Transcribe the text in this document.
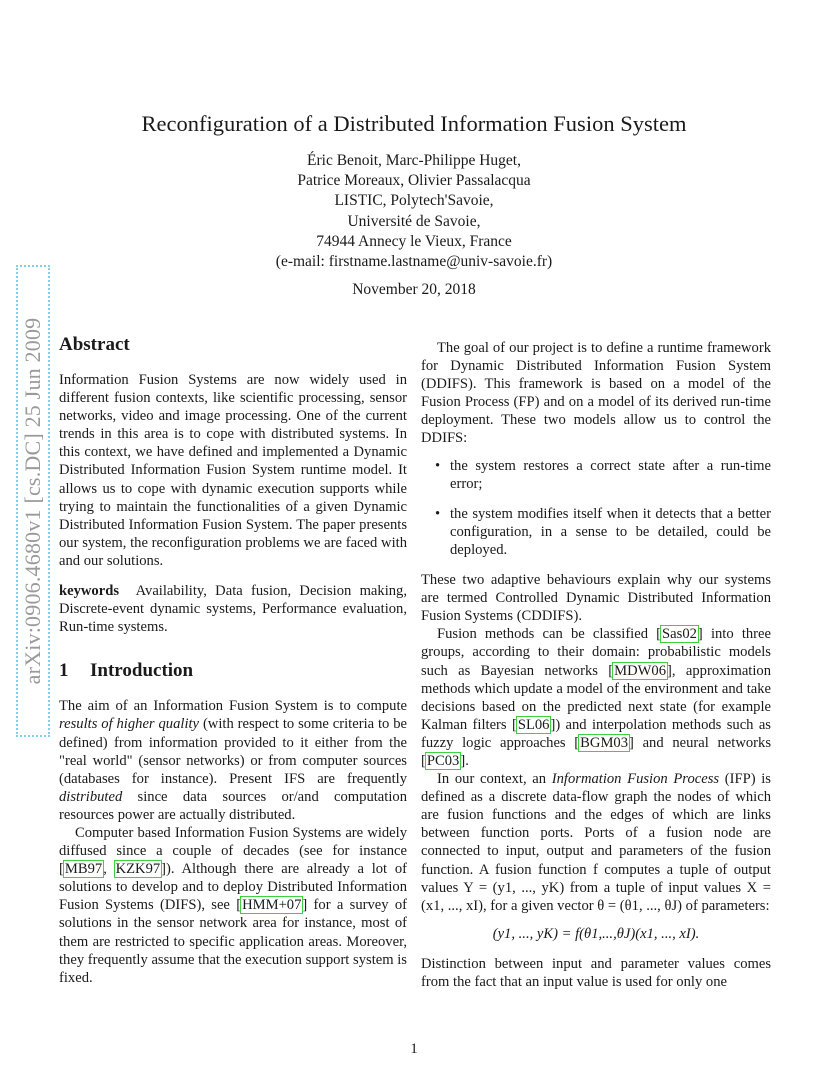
arXiv:0906.4680v1 [cs.DC] 25 Jun 2009
Reconfiguration of a Distributed Information Fusion System
Éric Benoit, Marc-Philippe Huget,
Patrice Moreaux, Olivier Passalacqua
LISTIC, Polytech'Savoie,
Université de Savoie,
74944 Annecy le Vieux, France
(e-mail: firstname.lastname@univ-savoie.fr)
November 20, 2018
Abstract

Information Fusion Systems are now widely used in different fusion contexts, like scientific processing, sensor networks, video and image processing. One of the current trends in this area is to cope with distributed systems. In this context, we have defined and implemented a Dynamic Distributed Information Fusion System runtime model. It allows us to cope with dynamic execution supports while trying to maintain the functionalities of a given Dynamic Distributed Information Fusion System. The paper presents our system, the reconfiguration problems we are faced with and our solutions.

keywords Availability, Data fusion, Decision making, Discrete-event dynamic systems, Performance evaluation, Run-time systems.

1 Introduction

The aim of an Information Fusion System is to compute results of higher quality (with respect to some criteria to be defined) from information provided to it either from the "real world" (sensor networks) or from computer sources (databases for instance). Present IFS are frequently distributed since data sources or/and computation resources power are actually distributed.

Computer based Information Fusion Systems are widely diffused since a couple of decades (see for instance [MB97, KZK97]). Although there are already a lot of solutions to develop and to deploy Distributed Information Fusion Systems (DIFS), see [HMM+07] for a survey of solutions in the sensor network area for instance, most of them are restricted to specific application areas. Moreover, they frequently assume that the execution support system is fixed.

The goal of our project is to define a runtime framework for Dynamic Distributed Information Fusion System (DDIFS). This framework is based on a model of the Fusion Process (FP) and on a model of its derived run-time deployment. These two models allow us to control the DDIFS:

• the system restores a correct state after a run-time error;
• the system modifies itself when it detects that a better configuration, in a sense to be detailed, could be deployed.

These two adaptive behaviours explain why our systems are termed Controlled Dynamic Distributed Information Fusion Systems (CDDIFS).

Fusion methods can be classified [Sas02] into three groups, according to their domain: probabilistic models such as Bayesian networks [MDW06], approximation methods which update a model of the environment and take decisions based on the predicted next state (for example Kalman filters [SL06]) and interpolation methods such as fuzzy logic approaches [BGM03] and neural networks [PC03].

In our context, an Information Fusion Process (IFP) is defined as a discrete data-flow graph the nodes of which are fusion functions and the edges of which are links between function ports. Ports of a fusion node are connected to input, output and parameters of the fusion function. A fusion function f computes a tuple of output values Y = (y1, ..., yK) from a tuple of input values X = (x1, ..., xI), for a given vector θ = (θ1, ..., θJ) of parameters:

(y1, ..., yK) = f(θ1,...,θJ)(x1, ..., xI).

Distinction between input and parameter values comes from the fact that an input value is used for only one

1
